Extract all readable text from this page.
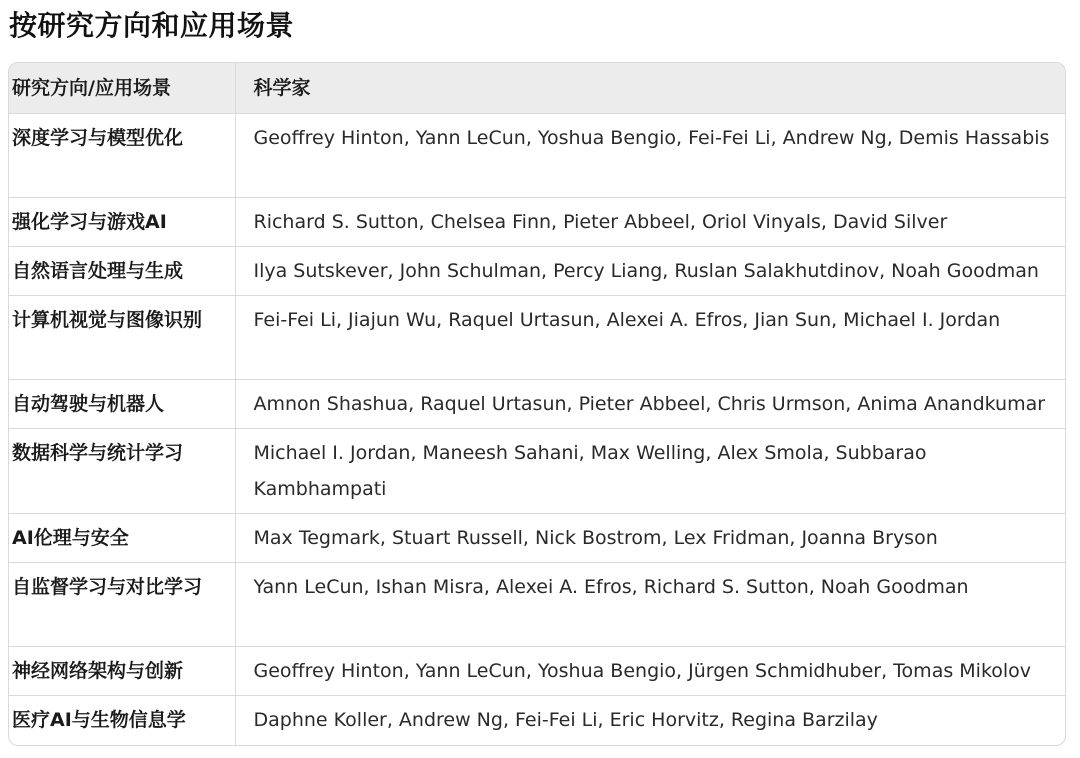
按研究方向和应用场景
研究方向/应用场景	科学家
深度学习与模型优化	Geoffrey Hinton, Yann LeCun, Yoshua Bengio, Fei-Fei Li, Andrew Ng, Demis Hassabis
强化学习与游戏AI	Richard S. Sutton, Chelsea Finn, Pieter Abbeel, Oriol Vinyals, David Silver
自然语言处理与生成	Ilya Sutskever, John Schulman, Percy Liang, Ruslan Salakhutdinov, Noah Goodman
计算机视觉与图像识别	Fei-Fei Li, Jiajun Wu, Raquel Urtasun, Alexei A. Efros, Jian Sun, Michael I. Jordan
自动驾驶与机器人	Amnon Shashua, Raquel Urtasun, Pieter Abbeel, Chris Urmson, Anima Anandkumar
数据科学与统计学习	Michael I. Jordan, Maneesh Sahani, Max Welling, Alex Smola, Subbarao Kambhampati
AI伦理与安全	Max Tegmark, Stuart Russell, Nick Bostrom, Lex Fridman, Joanna Bryson
自监督学习与对比学习	Yann LeCun, Ishan Misra, Alexei A. Efros, Richard S. Sutton, Noah Goodman
神经网络架构与创新	Geoffrey Hinton, Yann LeCun, Yoshua Bengio, Jürgen Schmidhuber, Tomas Mikolov
医疗AI与生物信息学	Daphne Koller, Andrew Ng, Fei-Fei Li, Eric Horvitz, Regina Barzilay
